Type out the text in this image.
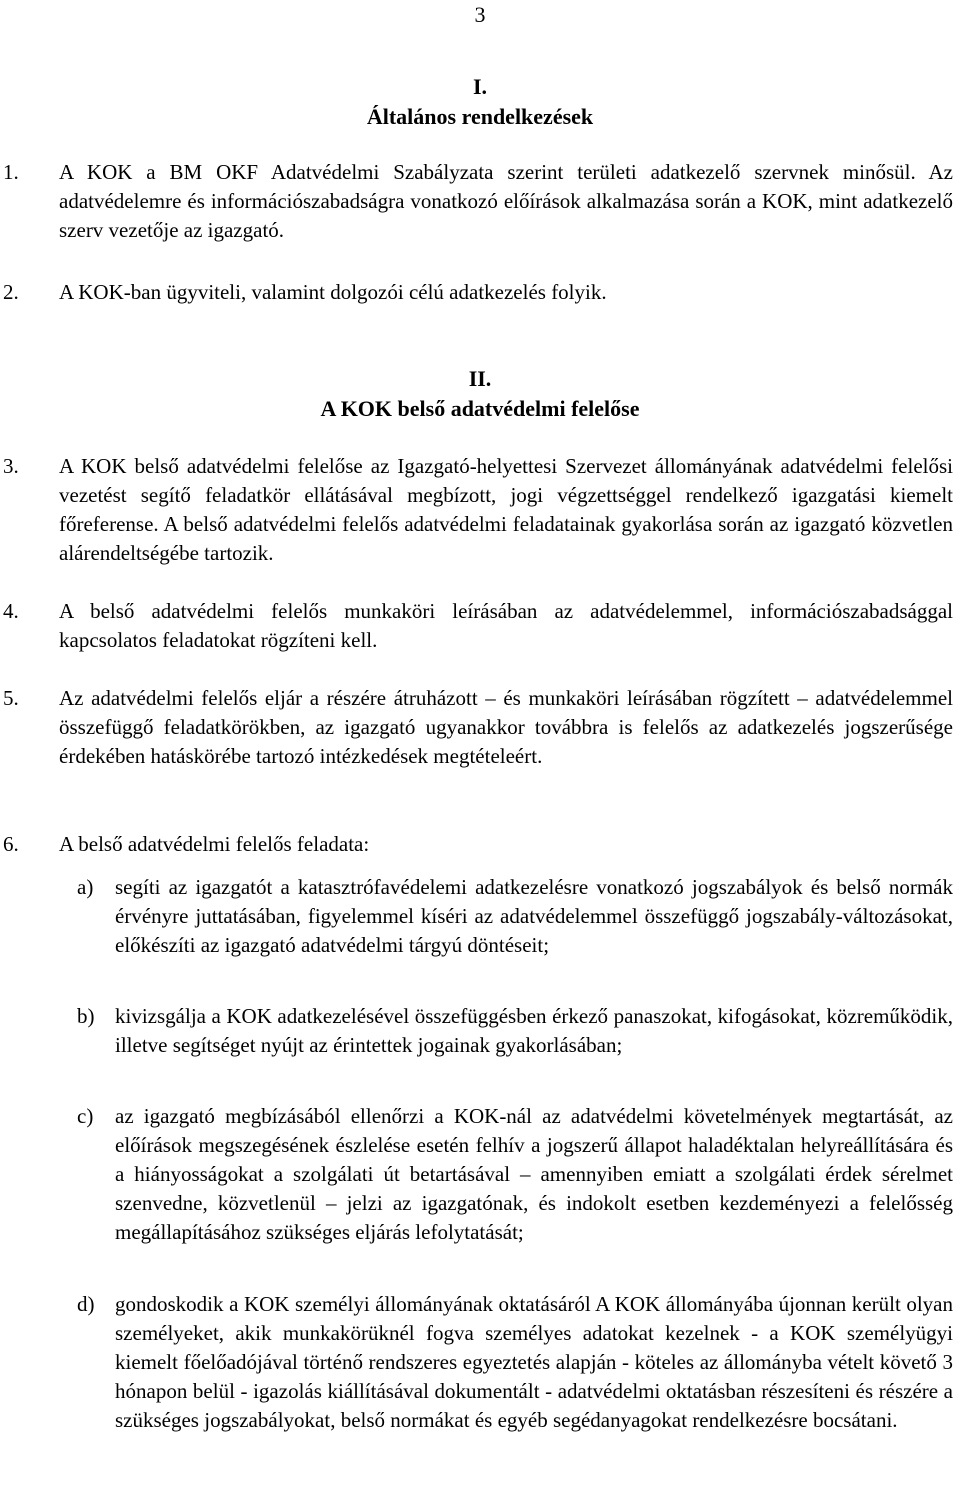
3
I.
Általános rendelkezések
1. A KOK a BM OKF Adatvédelmi Szabályzata szerint területi adatkezelő szervnek minősül. Az adatvédelemre és információszabadságra vonatkozó előírások alkalmazása során a KOK, mint adatkezelő szerv vezetője az igazgató.
2. A KOK-ban ügyviteli, valamint dolgozói célú adatkezelés folyik.
II.
A KOK belső adatvédelmi felelőse
3. A KOK belső adatvédelmi felelőse az Igazgató-helyettesi Szervezet állományának adatvédelmi felelősi vezetést segítő feladatkör ellátásával megbízott, jogi végzettséggel rendelkező igazgatási kiemelt főreferense. A belső adatvédelmi felelős adatvédelmi feladatainak gyakorlása során az igazgató közvetlen alárendeltségébe tartozik.
4. A belső adatvédelmi felelős munkaköri leírásában az adatvédelemmel, információszabadsággal kapcsolatos feladatokat rögzíteni kell.
5. Az adatvédelmi felelős eljár a részére átruházott – és munkaköri leírásában rögzített – adatvédelemmel összefüggő feladatkörökben, az igazgató ugyanakkor továbbra is felelős az adatkezelés jogszerűsége érdekében hatáskörébe tartozó intézkedések megtételeért.
6. A belső adatvédelmi felelős feladata:
a) segíti az igazgatót a katasztrófavédelemi adatkezelésre vonatkozó jogszabályok és belső normák érvényre juttatásában, figyelemmel kíséri az adatvédelemmel összefüggő jogszabály-változásokat, előkészíti az igazgató adatvédelmi tárgyú döntéseit;
b) kivizsgálja a KOK adatkezelésével összefüggésben érkező panaszokat, kifogásokat, közreműködik, illetve segítséget nyújt az érintettek jogainak gyakorlásában;
c) az igazgató megbízásából ellenőrzi a KOK-nál az adatvédelmi követelmények megtartását, az előírások megszegésének észlelése esetén felhív a jogszerű állapot haladéktalan helyreállítására és a hiányosságokat a szolgálati út betartásával – amennyiben emiatt a szolgálati érdek sérelmet szenvedne, közvetlenül – jelzi az igazgatónak, és indokolt esetben kezdeményezi a felelősség megállapításához szükséges eljárás lefolytatását;
d) gondoskodik a KOK személyi állományának oktatásáról A KOK állományába újonnan került olyan személyeket, akik munkakörüknél fogva személyes adatokat kezelnek - a KOK személyügyi kiemelt főelőadójával történő rendszeres egyeztetés alapján - köteles az állományba vételt követő 3 hónapon belül - igazolás kiállításával dokumentált - adatvédelmi oktatásban részesíteni és részére a szükséges jogszabályokat, belső normákat és egyéb segédanyagokat rendelkezésre bocsátani.
